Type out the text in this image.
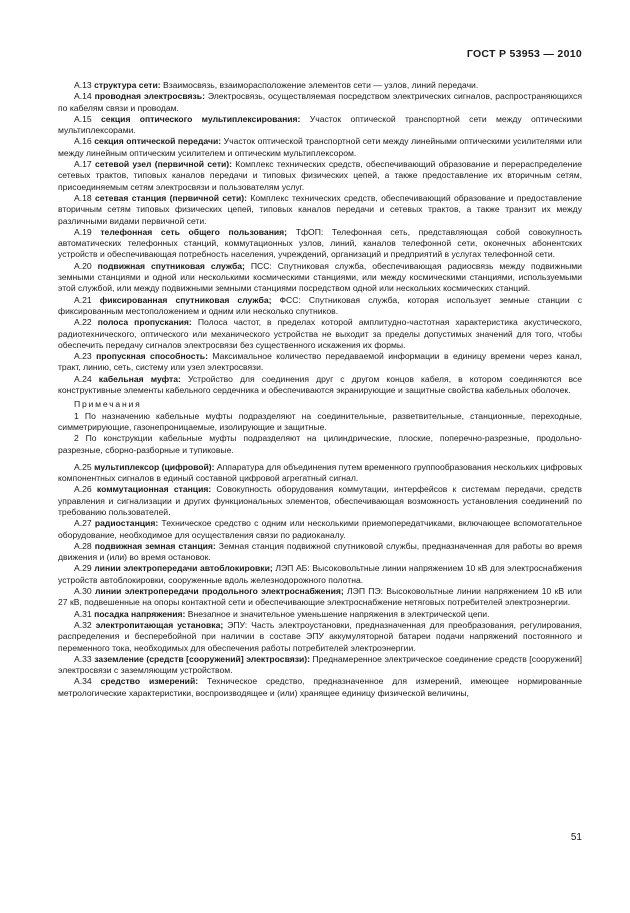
ГОСТ Р 53953 — 2010

А.13 структура сети: Взаимосвязь, взаиморасположение элементов сети — узлов, линий передачи.

А.14 проводная электросвязь: Электросвязь, осуществляемая посредством электрических сигналов, распространяющихся по кабелям связи и проводам.

А.15 секция оптического мультиплексирования: Участок оптической транспортной сети между оптическими мультиплексорами.

А.16 секция оптической передачи: Участок оптической транспортной сети между линейными оптическими усилителями или между линейным оптическим усилителем и оптическим мультиплексором.

А.17 сетевой узел (первичной сети): Комплекс технических средств, обеспечивающий образование и перераспределение сетевых трактов, типовых каналов передачи и типовых физических цепей, а также предоставление их вторичным сетям, присоединяемым сетям электросвязи и пользователям услуг.

А.18 сетевая станция (первичной сети): Комплекс технических средств, обеспечивающий образование и предоставление вторичным сетям типовых физических цепей, типовых каналов передачи и сетевых трактов, а также транзит их между различными видами первичной сети.

А.19 телефонная сеть общего пользования; ТфОП: Телефонная сеть, представляющая собой совокупность автоматических телефонных станций, коммутационных узлов, линий, каналов телефонной сети, оконечных абонентских устройств и обеспечивающая потребность населения, учреждений, организаций и предприятий в услугах телефонной сети.

А.20 подвижная спутниковая служба; ПСС: Спутниковая служба, обеспечивающая радиосвязь между подвижными земными станциями и одной или несколькими космическими станциями, или между космическими станциями, используемыми этой службой, или между подвижными земными станциями посредством одной или нескольких космических станций.

А.21 фиксированная спутниковая служба; ФСС: Спутниковая служба, которая использует земные станции с фиксированным местоположением и одним или несколько спутников.

А.22 полоса пропускания: Полоса частот, в пределах которой амплитудно-частотная характеристика акустического, радиотехнического, оптического или механического устройства не выходит за пределы допустимых значений для того, чтобы обеспечить передачу сигналов электросвязи без существенного искажения их формы.

А.23 пропускная способность: Максимальное количество передаваемой информации в единицу времени через канал, тракт, линию, сеть, систему или узел электросвязи.

А.24 кабельная муфта: Устройство для соединения друг с другом концов кабеля, в котором соединяются все конструктивные элементы кабельного сердечника и обеспечиваются экранирующие и защитные свойства кабельных оболочек.

Примечания

1 По назначению кабельные муфты подразделяют на соединительные, разветвительные, станционные, переходные, симметрирующие, газонепроницаемые, изолирующие и защитные.

2 По конструкции кабельные муфты подразделяют на цилиндрические, плоские, поперечно-разрезные, продольно-разрезные, сборно-разборные и тупиковые.

А.25 мультиплексор (цифровой): Аппаратура для объединения путем временного группообразования нескольких цифровых компонентных сигналов в единый составной цифровой агрегатный сигнал.

А.26 коммутационная станция: Совокупность оборудования коммутации, интерфейсов к системам передачи, средств управления и сигнализации и других функциональных элементов, обеспечивающая возможность установления соединений по требованию пользователей.

А.27 радиостанция: Техническое средство с одним или несколькими приемопередатчиками, включающее вспомогательное оборудование, необходимое для осуществления связи по радиоканалу.

А.28 подвижная земная станция: Земная станция подвижной спутниковой службы, предназначенная для работы во время движения и (или) во время остановок.

А.29 линии электропередачи автоблокировки; ЛЭП АБ: Высоковольтные линии напряжением 10 кВ для электроснабжения устройств автоблокировки, сооруженные вдоль железнодорожного полотна.

А.30 линии электропередачи продольного электроснабжения; ЛЭП ПЭ: Высоковольтные линии напряжением 10 кВ или 27 кВ, подвешенные на опоры контактной сети и обеспечивающие электроснабжение нетяговых потребителей электроэнергии.

А.31 посадка напряжения: Внезапное и значительное уменьшение напряжения в электрической цепи.

А.32 электропитающая установка; ЭПУ: Часть электроустановки, предназначенная для преобразования, регулирования, распределения и бесперебойной при наличии в составе ЭПУ аккумуляторной батареи подачи напряжений постоянного и переменного тока, необходимых для обеспечения работы потребителей электроэнергии.

А.33 заземление (средств [сооружений] электросвязи): Преднамеренное электрическое соединение средств [сооружений] электросвязи с заземляющим устройством.

А.34 средство измерений: Техническое средство, предназначенное для измерений, имеющее нормированные метрологические характеристики, воспроизводящее и (или) хранящее единицу физической величины,

51
